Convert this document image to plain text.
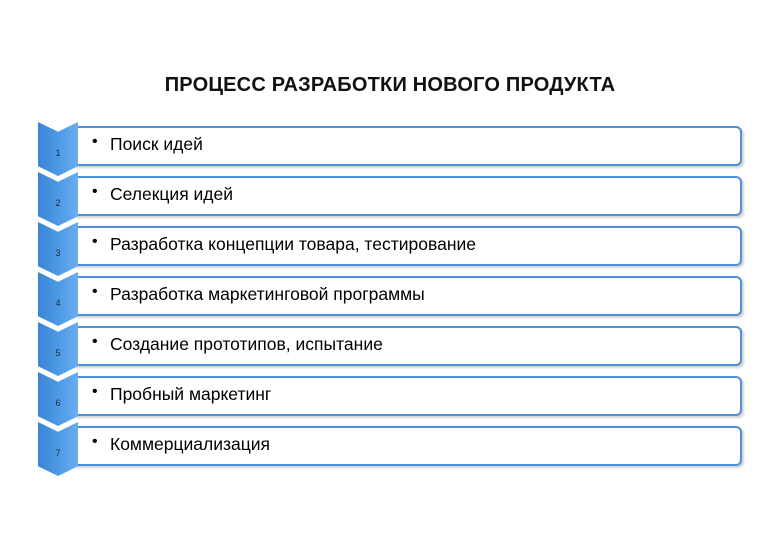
ПРОЦЕСС РАЗРАБОТКИ НОВОГО ПРОДУКТА
1
• Поиск идей
2
• Селекция идей
3
• Разработка концепции товара, тестирование
4
• Разработка маркетинговой программы
5
• Создание прототипов, испытание
6
• Пробный маркетинг
7
• Коммерциализация
